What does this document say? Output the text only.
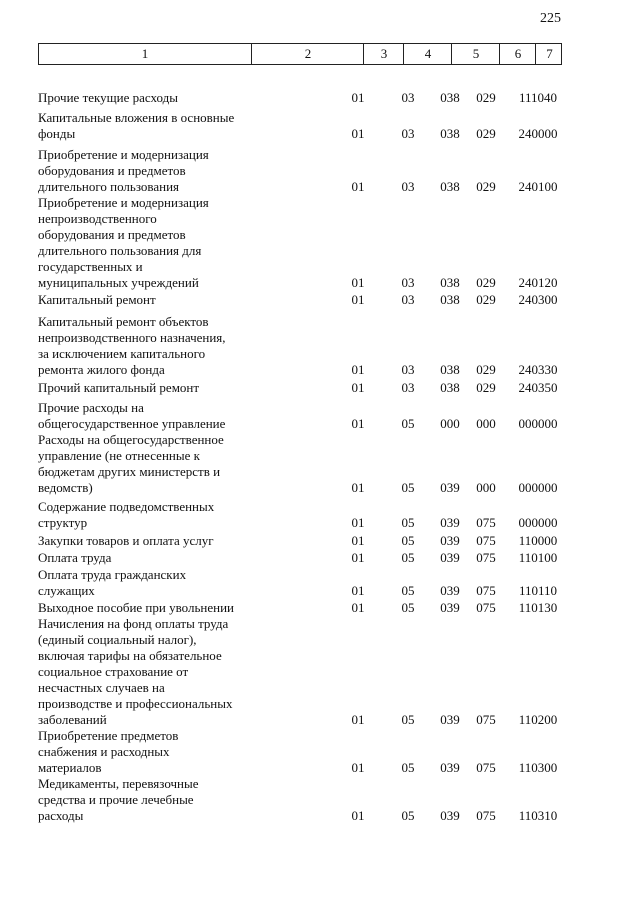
225
1	2	3	4	5	6	7
Прочие текущие расходы	01	03	038	029	111040
Капитальные вложения в основные
фонды	01	03	038	029	240000
Приобретение и модернизация
оборудования и предметов
длительного пользования	01	03	038	029	240100
Приобретение и модернизация
непроизводственного
оборудования и предметов
длительного пользования для
государственных и
муниципальных учреждений	01	03	038	029	240120
Капитальный ремонт	01	03	038	029	240300
Капитальный ремонт объектов
непроизводственного назначения,
за исключением капитального
ремонта жилого фонда	01	03	038	029	240330
Прочий капитальный ремонт	01	03	038	029	240350
Прочие расходы на
общегосударственное управление	01	05	000	000	000000
Расходы на общегосударственное
управление (не отнесенные к
бюджетам других министерств и
ведомств)	01	05	039	000	000000
Содержание подведомственных
структур	01	05	039	075	000000
Закупки товаров и оплата услуг	01	05	039	075	110000
Оплата труда	01	05	039	075	110100
Оплата труда гражданских
служащих	01	05	039	075	110110
Выходное пособие при увольнении	01	05	039	075	110130
Начисления на фонд оплаты труда
(единый социальный налог),
включая тарифы на обязательное
социальное страхование от
несчастных случаев на
производстве и профессиональных
заболеваний	01	05	039	075	110200
Приобретение предметов
снабжения и расходных
материалов	01	05	039	075	110300
Медикаменты, перевязочные
средства и прочие лечебные
расходы	01	05	039	075	110310
